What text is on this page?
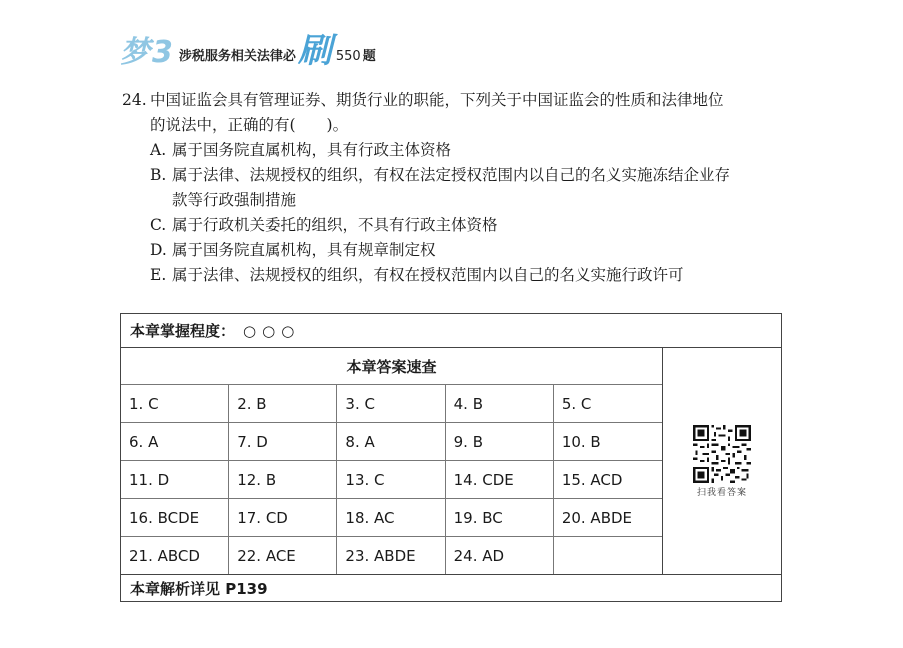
梦 3 涉税服务相关法律必 刷 550 题
24. 中国证监会具有管理证券、期货行业的职能，下列关于中国证监会的性质和法律地位
的说法中，正确的有(　　)。
A. 属于国务院直属机构，具有行政主体资格
B. 属于法律、法规授权的组织，有权在法定授权范围内以自己的名义实施冻结企业存
款等行政强制措施
C. 属于行政机关委托的组织，不具有行政主体资格
D. 属于国务院直属机构，具有规章制定权
E. 属于法律、法规授权的组织，有权在授权范围内以自己的名义实施行政许可
本章掌握程度： ○○○
本章答案速查
1. C	2. B	3. C	4. B	5. C
6. A	7. D	8. A	9. B	10. B
11. D	12. B	13. C	14. CDE	15. ACD
16. BCDE	17. CD	18. AC	19. BC	20. ABDE
21. ABCD	22. ACE	23. ABDE	24. AD
扫我看答案
本章解析详见 P139
